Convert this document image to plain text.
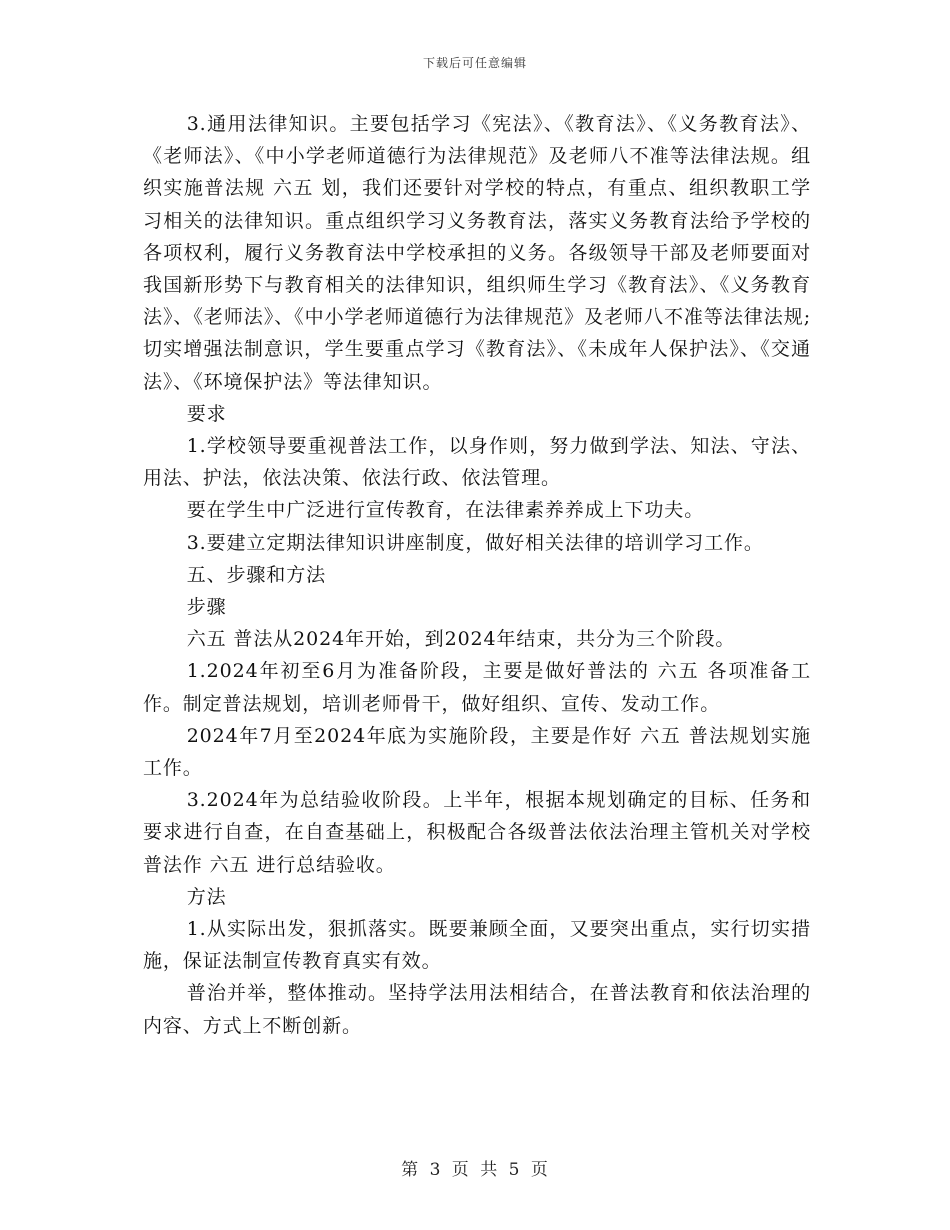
下载后可任意编辑

3.通用法律知识。主要包括学习《宪法》、《教育法》、《义务教育法》、《老师法》、《中小学老师道德行为法律规范》及老师八不准等法律法规。组织实施普法规 六五 划，我们还要针对学校的特点，有重点、组织教职工学习相关的法律知识。重点组织学习义务教育法，落实义务教育法给予学校的各项权利，履行义务教育法中学校承担的义务。各级领导干部及老师要面对我国新形势下与教育相关的法律知识，组织师生学习《教育法》、《义务教育法》、《老师法》、《中小学老师道德行为法律规范》及老师八不准等法律法规;切实增强法制意识，学生要重点学习《教育法》、《未成年人保护法》、《交通法》、《环境保护法》等法律知识。

要求

1.学校领导要重视普法工作，以身作则，努力做到学法、知法、守法、用法、护法，依法决策、依法行政、依法管理。

要在学生中广泛进行宣传教育，在法律素养养成上下功夫。

3.要建立定期法律知识讲座制度，做好相关法律的培训学习工作。

五、步骤和方法

步骤

六五 普法从2024年开始，到2024年结束，共分为三个阶段。

1.2024年初至6月为准备阶段，主要是做好普法的 六五 各项准备工作。制定普法规划，培训老师骨干，做好组织、宣传、发动工作。

2024年7月至2024年底为实施阶段，主要是作好 六五 普法规划实施工作。

3.2024年为总结验收阶段。上半年，根据本规划确定的目标、任务和要求进行自查，在自查基础上，积极配合各级普法依法治理主管机关对学校普法作 六五 进行总结验收。

方法

1.从实际出发，狠抓落实。既要兼顾全面，又要突出重点，实行切实措施，保证法制宣传教育真实有效。

普治并举，整体推动。坚持学法用法相结合，在普法教育和依法治理的内容、方式上不断创新。

第 3 页 共 5 页
